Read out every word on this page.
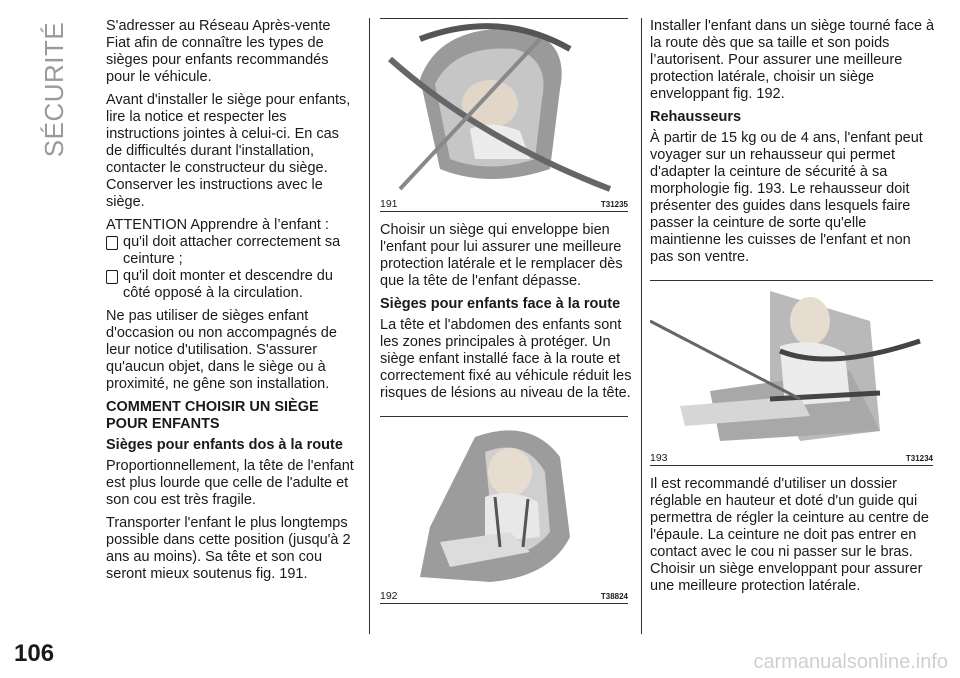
SÉCURITÉ	S'adresser au Réseau Après-vente Fiat afin de connaître les types de sièges pour enfants recommandés pour le véhicule.

Avant d'installer le siège pour enfants, lire la notice et respecter les instructions jointes à celui-ci. En cas de difficultés durant l'installation, contacter le constructeur du siège. Conserver les instructions avec le siège.

ATTENTION Apprendre à l’enfant :

qu'il doit attacher correctement sa ceinture ;
qu'il doit monter et descendre du côté opposé à la circulation.

Ne pas utiliser de sièges enfant d'occasion ou non accompagnés de leur notice d'utilisation. S'assurer qu'aucun objet, dans le siège ou à proximité, ne gêne son installation.

COMMENT CHOISIR UN SIÈGE POUR ENFANTS
Sièges pour enfants dos à la route

Proportionnellement, la tête de l'enfant est plus lourde que celle de l'adulte et son cou est très fragile.

Transporter l'enfant le plus longtemps possible dans cette position (jusqu'à 2 ans au moins). Sa tête et son cou seront mieux soutenus fig. 191.

191	T31235

Choisir un siège qui enveloppe bien l'enfant pour lui assurer une meilleure protection latérale et le remplacer dès que la tête de l'enfant dépasse.

Sièges pour enfants face à la route

La tête et l'abdomen des enfants sont les zones principales à protéger. Un siège enfant installé face à la route et correctement fixé au véhicule réduit les risques de lésions au niveau de la tête.

192	T38824

Installer l'enfant dans un siège tourné face à la route dès que sa taille et son poids l’autorisent. Pour assurer une meilleure protection latérale, choisir un siège enveloppant fig. 192.

Rehausseurs

À partir de 15 kg ou de 4 ans, l'enfant peut voyager sur un rehausseur qui permet d'adapter la ceinture de sécurité à sa morphologie fig. 193. Le rehausseur doit présenter des guides dans lesquels faire passer la ceinture de sorte qu'elle maintienne les cuisses de l'enfant et non pas son ventre.

193	T31234

Il est recommandé d'utiliser un dossier réglable en hauteur et doté d'un guide qui permettra de régler la ceinture au centre de l'épaule. La ceinture ne doit pas entrer en contact avec le cou ni passer sur le bras. Choisir un siège enveloppant pour assurer une meilleure protection latérale.

106	carmanualsonline.info
